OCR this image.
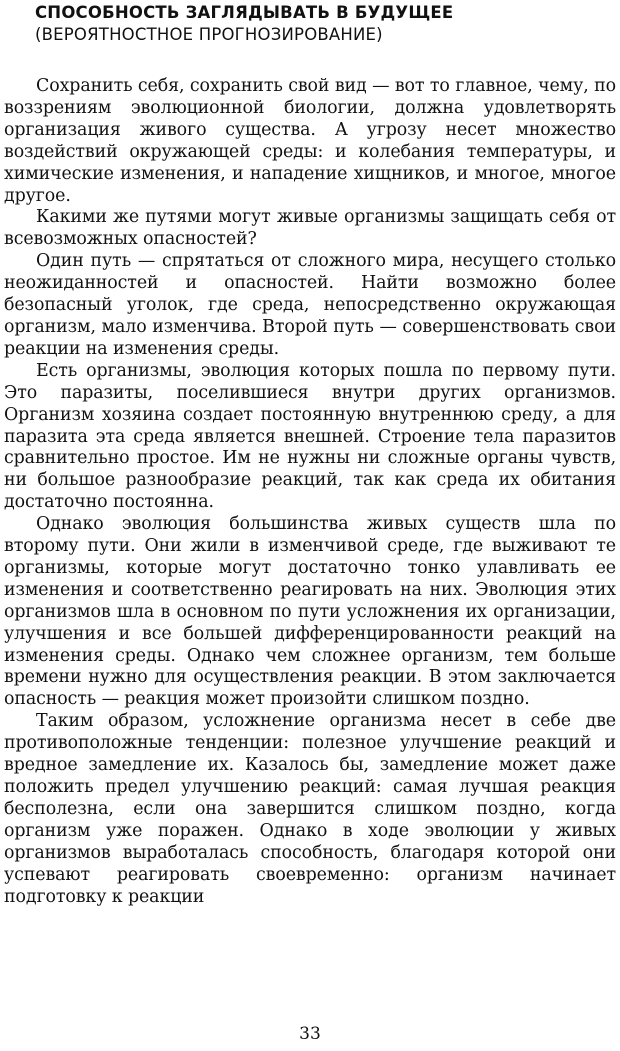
СПОСОБНОСТЬ ЗАГЛЯДЫВАТЬ В БУДУЩЕЕ
(ВЕРОЯТНОСТНОЕ ПРОГНОЗИРОВАНИЕ)

Сохранить себя, сохранить свой вид — вот то главное, чему, по воззрениям эволюционной биологии, должна удовлетворять организация живого существа. А угрозу несет множество воздействий окружающей среды: и колебания температуры, и химические изменения, и нападение хищников, и многое, многое другое.

Какими же путями могут живые организмы защищать себя от всевозможных опасностей?

Один путь — спрятаться от сложного мира, несущего столько неожиданностей и опасностей. Найти возможно более безопасный уголок, где среда, непосредственно окружающая организм, мало изменчива. Второй путь — совершенствовать свои реакции на изменения среды.

Есть организмы, эволюция которых пошла по первому пути. Это паразиты, поселившиеся внутри других организмов. Организм хозяина создает постоянную внутреннюю среду, а для паразита эта среда является внешней. Строение тела паразитов сравнительно простое. Им не нужны ни сложные органы чувств, ни большое разнообразие реакций, так как среда их обитания достаточно постоянна.

Однако эволюция большинства живых существ шла по второму пути. Они жили в изменчивой среде, где выживают те организмы, которые могут достаточно тонко улавливать ее изменения и соответственно реагировать на них. Эволюция этих организмов шла в основном по пути усложнения их организации, улучшения и все большей дифференцированности реакций на изменения среды. Однако чем сложнее организм, тем больше времени нужно для осуществления реакции. В этом заключается опасность — реакция может произойти слишком поздно.

Таким образом, усложнение организма несет в себе две противоположные тенденции: полезное улучшение реакций и вредное замедление их. Казалось бы, замедление может даже положить предел улучшению реакций: самая лучшая реакция бесполезна, если она завершится слишком поздно, когда организм уже поражен. Однако в ходе эволюции у живых организмов выработалась способность, благодаря которой они успевают реагировать своевременно: организм начинает подготовку к реакции

33
